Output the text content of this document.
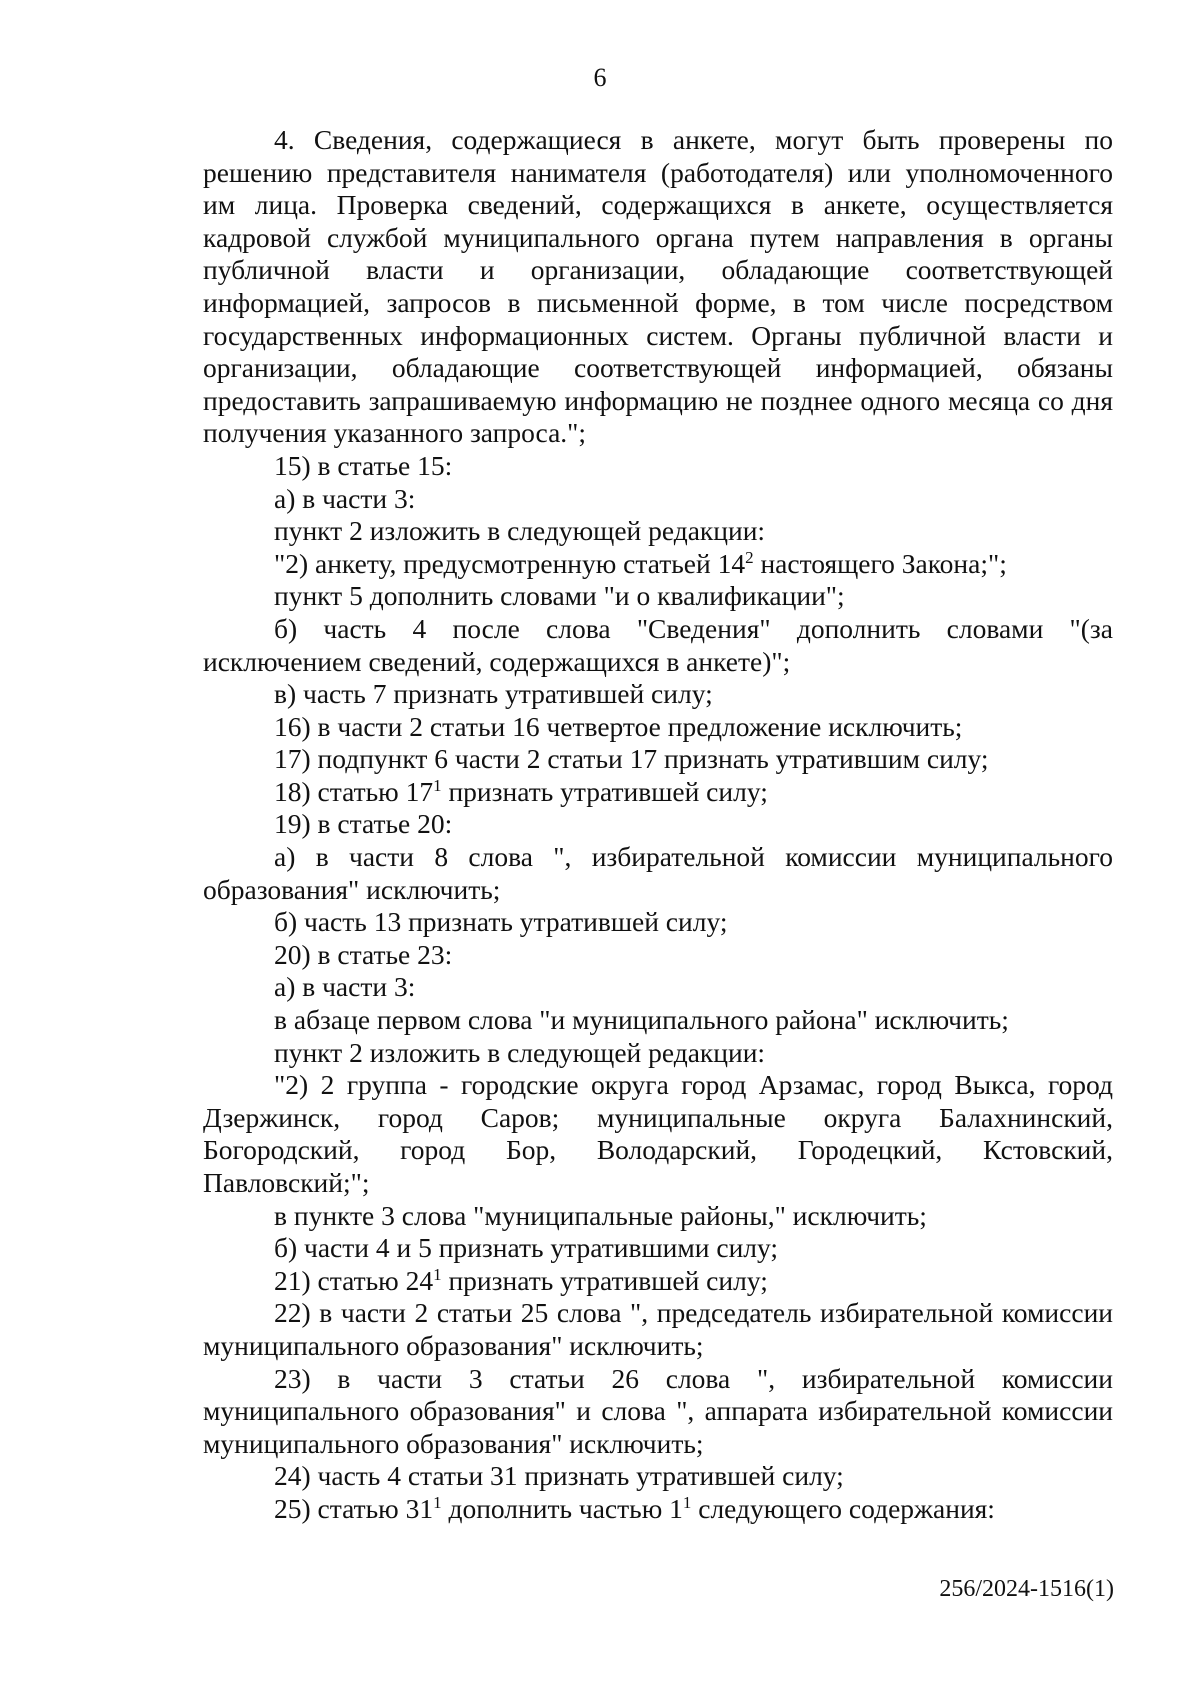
6

4. Сведения, содержащиеся в анкете, могут быть проверены по решению представителя нанимателя (работодателя) или уполномоченного им лица. Проверка сведений, содержащихся в анкете, осуществляется кадровой службой муниципального органа путем направления в органы публичной власти и организации, обладающие соответствующей информацией, запросов в письменной форме, в том числе посредством государственных информационных систем. Органы публичной власти и организации, обладающие соответствующей информацией, обязаны предоставить запрашиваемую информацию не позднее одного месяца со дня получения указанного запроса.";

15) в статье 15:

а) в части 3:

пункт 2 изложить в следующей редакции:

"2) анкету, предусмотренную статьей $14^2$ настоящего Закона;";

пункт 5 дополнить словами "и о квалификации";

б) часть 4 после слова "Сведения" дополнить словами "(за исключением сведений, содержащихся в анкете)";

в) часть 7 признать утратившей силу;

16) в части 2 статьи 16 четвертое предложение исключить;

17) подпункт 6 части 2 статьи 17 признать утратившим силу;

18) статью $17^1$ признать утратившей силу;

19) в статье 20:

а) в части 8 слова ", избирательной комиссии муниципального образования" исключить;

б) часть 13 признать утратившей силу;

20) в статье 23:

а) в части 3:

в абзаце первом слова "и муниципального района" исключить;

пункт 2 изложить в следующей редакции:

"2) 2 группа - городские округа город Арзамас, город Выкса, город Дзержинск, город Саров; муниципальные округа Балахнинский, Богородский, город Бор, Володарский, Городецкий, Кстовский, Павловский;";

в пункте 3 слова "муниципальные районы," исключить;

б) части 4 и 5 признать утратившими силу;

21) статью $24^1$ признать утратившей силу;

22) в части 2 статьи 25 слова ", председатель избирательной комиссии муниципального образования" исключить;

23) в части 3 статьи 26 слова ", избирательной комиссии муниципального образования" и слова ", аппарата избирательной комиссии муниципального образования" исключить;

24) часть 4 статьи 31 признать утратившей силу;

25) статью $31^1$ дополнить частью $1^1$ следующего содержания:

256/2024-1516(1)
